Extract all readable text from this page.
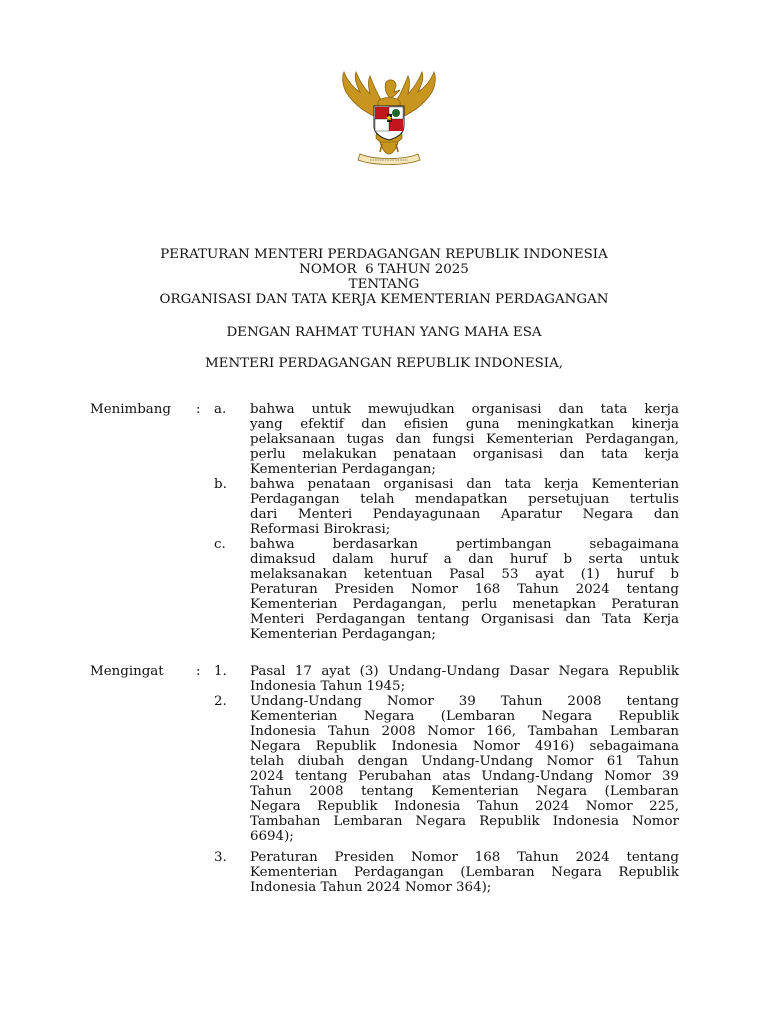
PERATURAN MENTERI PERDAGANGAN REPUBLIK INDONESIA
NOMOR  6 TAHUN 2025
TENTANG
ORGANISASI DAN TATA KERJA KEMENTERIAN PERDAGANGAN
DENGAN RAHMAT TUHAN YANG MAHA ESA
MENTERI PERDAGANGAN REPUBLIK INDONESIA,
Menimbang : a.	bahwa untuk mewujudkan organisasi dan tata kerja
yang efektif dan efisien guna meningkatkan kinerja
pelaksanaan tugas dan fungsi Kementerian Perdagangan,
perlu melakukan penataan organisasi dan tata kerja
Kementerian Perdagangan;
b.	bahwa penataan organisasi dan tata kerja Kementerian
Perdagangan telah mendapatkan persetujuan tertulis
dari Menteri Pendayagunaan Aparatur Negara dan
Reformasi Birokrasi;
c.	bahwa	berdasarkan	pertimbangan	sebagaimana
dimaksud dalam huruf a dan huruf b serta untuk
melaksanakan ketentuan Pasal 53 ayat (1) huruf b
Peraturan Presiden Nomor 168 Tahun 2024 tentang
Kementerian Perdagangan, perlu menetapkan Peraturan
Menteri Perdagangan tentang Organisasi dan Tata Kerja
Kementerian Perdagangan;
Mengingat : 1.	Pasal 17 ayat (3) Undang-Undang Dasar Negara Republik
Indonesia Tahun 1945;
2.	Undang-Undang Nomor 39 Tahun 2008 tentang
Kementerian Negara (Lembaran Negara Republik
Indonesia Tahun 2008 Nomor 166, Tambahan Lembaran
Negara Republik Indonesia Nomor 4916) sebagaimana
telah diubah dengan Undang-Undang Nomor 61 Tahun
2024 tentang Perubahan atas Undang-Undang Nomor 39
Tahun 2008 tentang Kementerian Negara (Lembaran
Negara Republik Indonesia Tahun 2024 Nomor 225,
Tambahan Lembaran Negara Republik Indonesia Nomor
6694);
3.	Peraturan Presiden Nomor 168 Tahun 2024 tentang
Kementerian Perdagangan (Lembaran Negara Republik
Indonesia Tahun 2024 Nomor 364);
